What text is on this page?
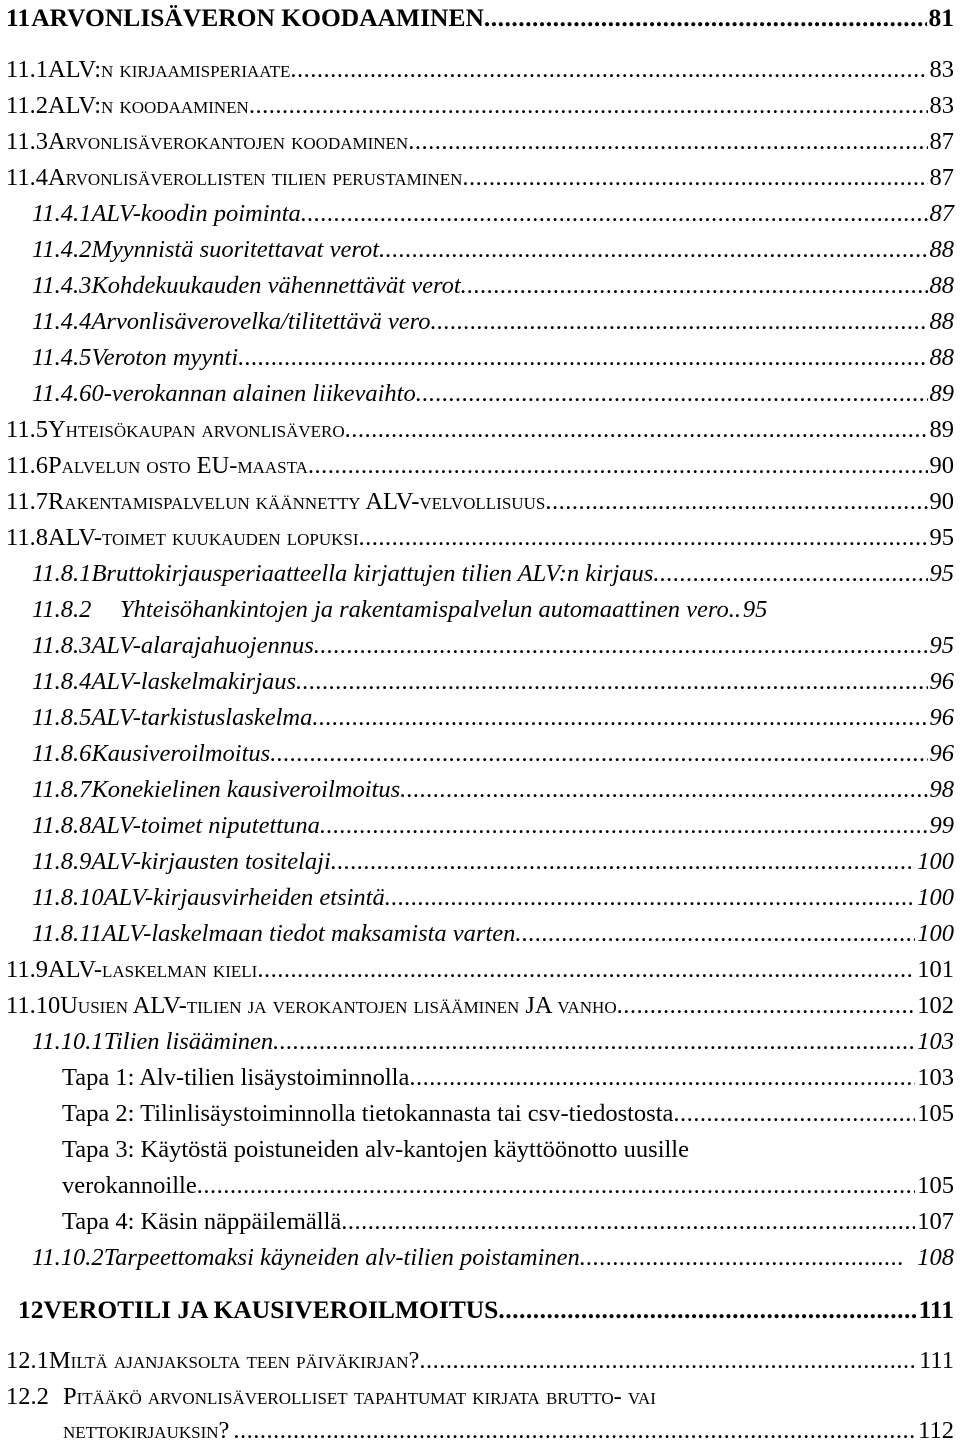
11 ARVONLISÄVERON KOODAAMINEN .....	81
11.1 ALV:n kirjaamisperiaate .....	83
11.2 ALV:n koodaaminen .....	83
11.3 Arvonlisäverokantojen koodaminen .....	87
11.4 Arvonlisäverollisten tilien perustaminen .....	87
11.4.1 ALV-koodin poiminta .....	87
11.4.2 Myynnistä suoritettavat verot .....	88
11.4.3 Kohdekuukauden vähennettävät verot .....	88
11.4.4 Arvonlisäverovelka/tilitettävä vero .....	88
11.4.5 Veroton myynti .....	88
11.4.6 0-verokannan alainen liikevaihto .....	89
11.5 Yhteisökaupan arvonlisävero .....	89
11.6 Palvelun osto EU-maasta .....	90
11.7 Rakentamispalvelun käännetty ALV-velvollisuus .....	90
11.8 ALV-toimet kuukauden lopuksi .....	95
11.8.1 Bruttokirjausperiaatteella kirjattujen tilien ALV:n kirjaus .....	95
11.8.2	Yhteisöhankintojen ja rakentamispalvelun automaattinen vero. ..... 95
11.8.3 ALV-alarajahuojennus .....	95
11.8.4 ALV-laskelmakirjaus .....	96
11.8.5 ALV-tarkistuslaskelma .....	96
11.8.6 Kausiveroilmoitus .....	96
11.8.7 Konekielinen kausiveroilmoitus .....	98
11.8.8 ALV-toimet niputettuna .....	99
11.8.9 ALV-kirjausten tositelaji .....	100
11.8.10 ALV-kirjausvirheiden etsintä .....	100
11.8.11 ALV-laskelmaan tiedot maksamista varten .....	100
11.9 ALV-laskelman kieli .....	101
11.10 Uusien ALV-tilien ja verokantojen lisääminen JA vanho .....	102
11.10.1 Tilien lisääminen .....	103
Tapa 1: Alv-tilien lisäystoiminnolla .....	103
Tapa 2: Tilinlisäystoiminnolla tietokannasta tai csv-tiedostosta .....	105
Tapa 3: Käytöstä poistuneiden alv-kantojen käyttöönotto uusille
verokannoille .....	105
Tapa 4: Käsin näppäilemällä .....	107
11.10.2 Tarpeettomaksi käyneiden alv-tilien poistaminen .....	108
12 VEROTILI JA KAUSIVEROILMOITUS .....	111
12.1 Miltä ajanjaksolta teen päiväkirjan? .....	111
12.2 Pitääkö arvonlisäverolliset tapahtumat kirjata brutto- vai
nettokirjauksin? .....	112
